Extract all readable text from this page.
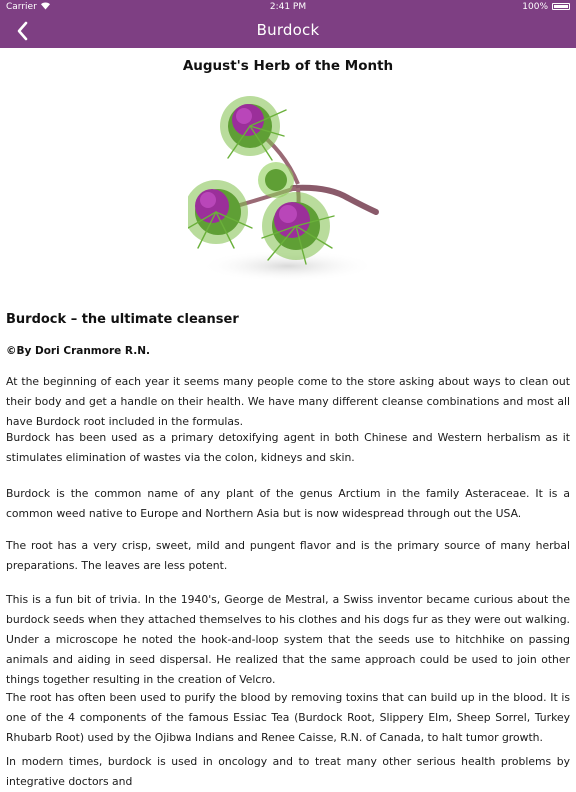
Carrier	2:41 PM	100%
Burdock
August's Herb of the Month
Burdock – the ultimate cleanser
©By Dori Cranmore R.N.

At the beginning of each year it seems many people come to the store asking about ways to clean out their body and get a handle on their health. We have many different cleanse combinations and most all have Burdock root included in the formulas.

Burdock has been used as a primary detoxifying agent in both Chinese and Western herbalism as it stimulates elimination of wastes via the colon, kidneys and skin.

Burdock is the common name of any plant of the genus Arctium in the family Asteraceae. It is a common weed native to Europe and Northern Asia but is now widespread through out the USA.

The root has a very crisp, sweet, mild and pungent flavor and is the primary source of many herbal preparations. The leaves are less potent.

This is a fun bit of trivia. In the 1940's, George de Mestral, a Swiss inventor became curious about the burdock seeds when they attached themselves to his clothes and his dogs fur as they were out walking. Under a microscope he noted the hook-and-loop system that the seeds use to hitchhike on passing animals and aiding in seed dispersal. He realized that the same approach could be used to join other things together resulting in the creation of Velcro.

The root has often been used to purify the blood by removing toxins that can build up in the blood. It is one of the 4 components of the famous Essiac Tea (Burdock Root, Slippery Elm, Sheep Sorrel, Turkey Rhubarb Root) used by the Ojibwa Indians and Renee Caisse, R.N. of Canada, to halt tumor growth.

In modern times, burdock is used in oncology and to treat many other serious health problems by integrative doctors and
